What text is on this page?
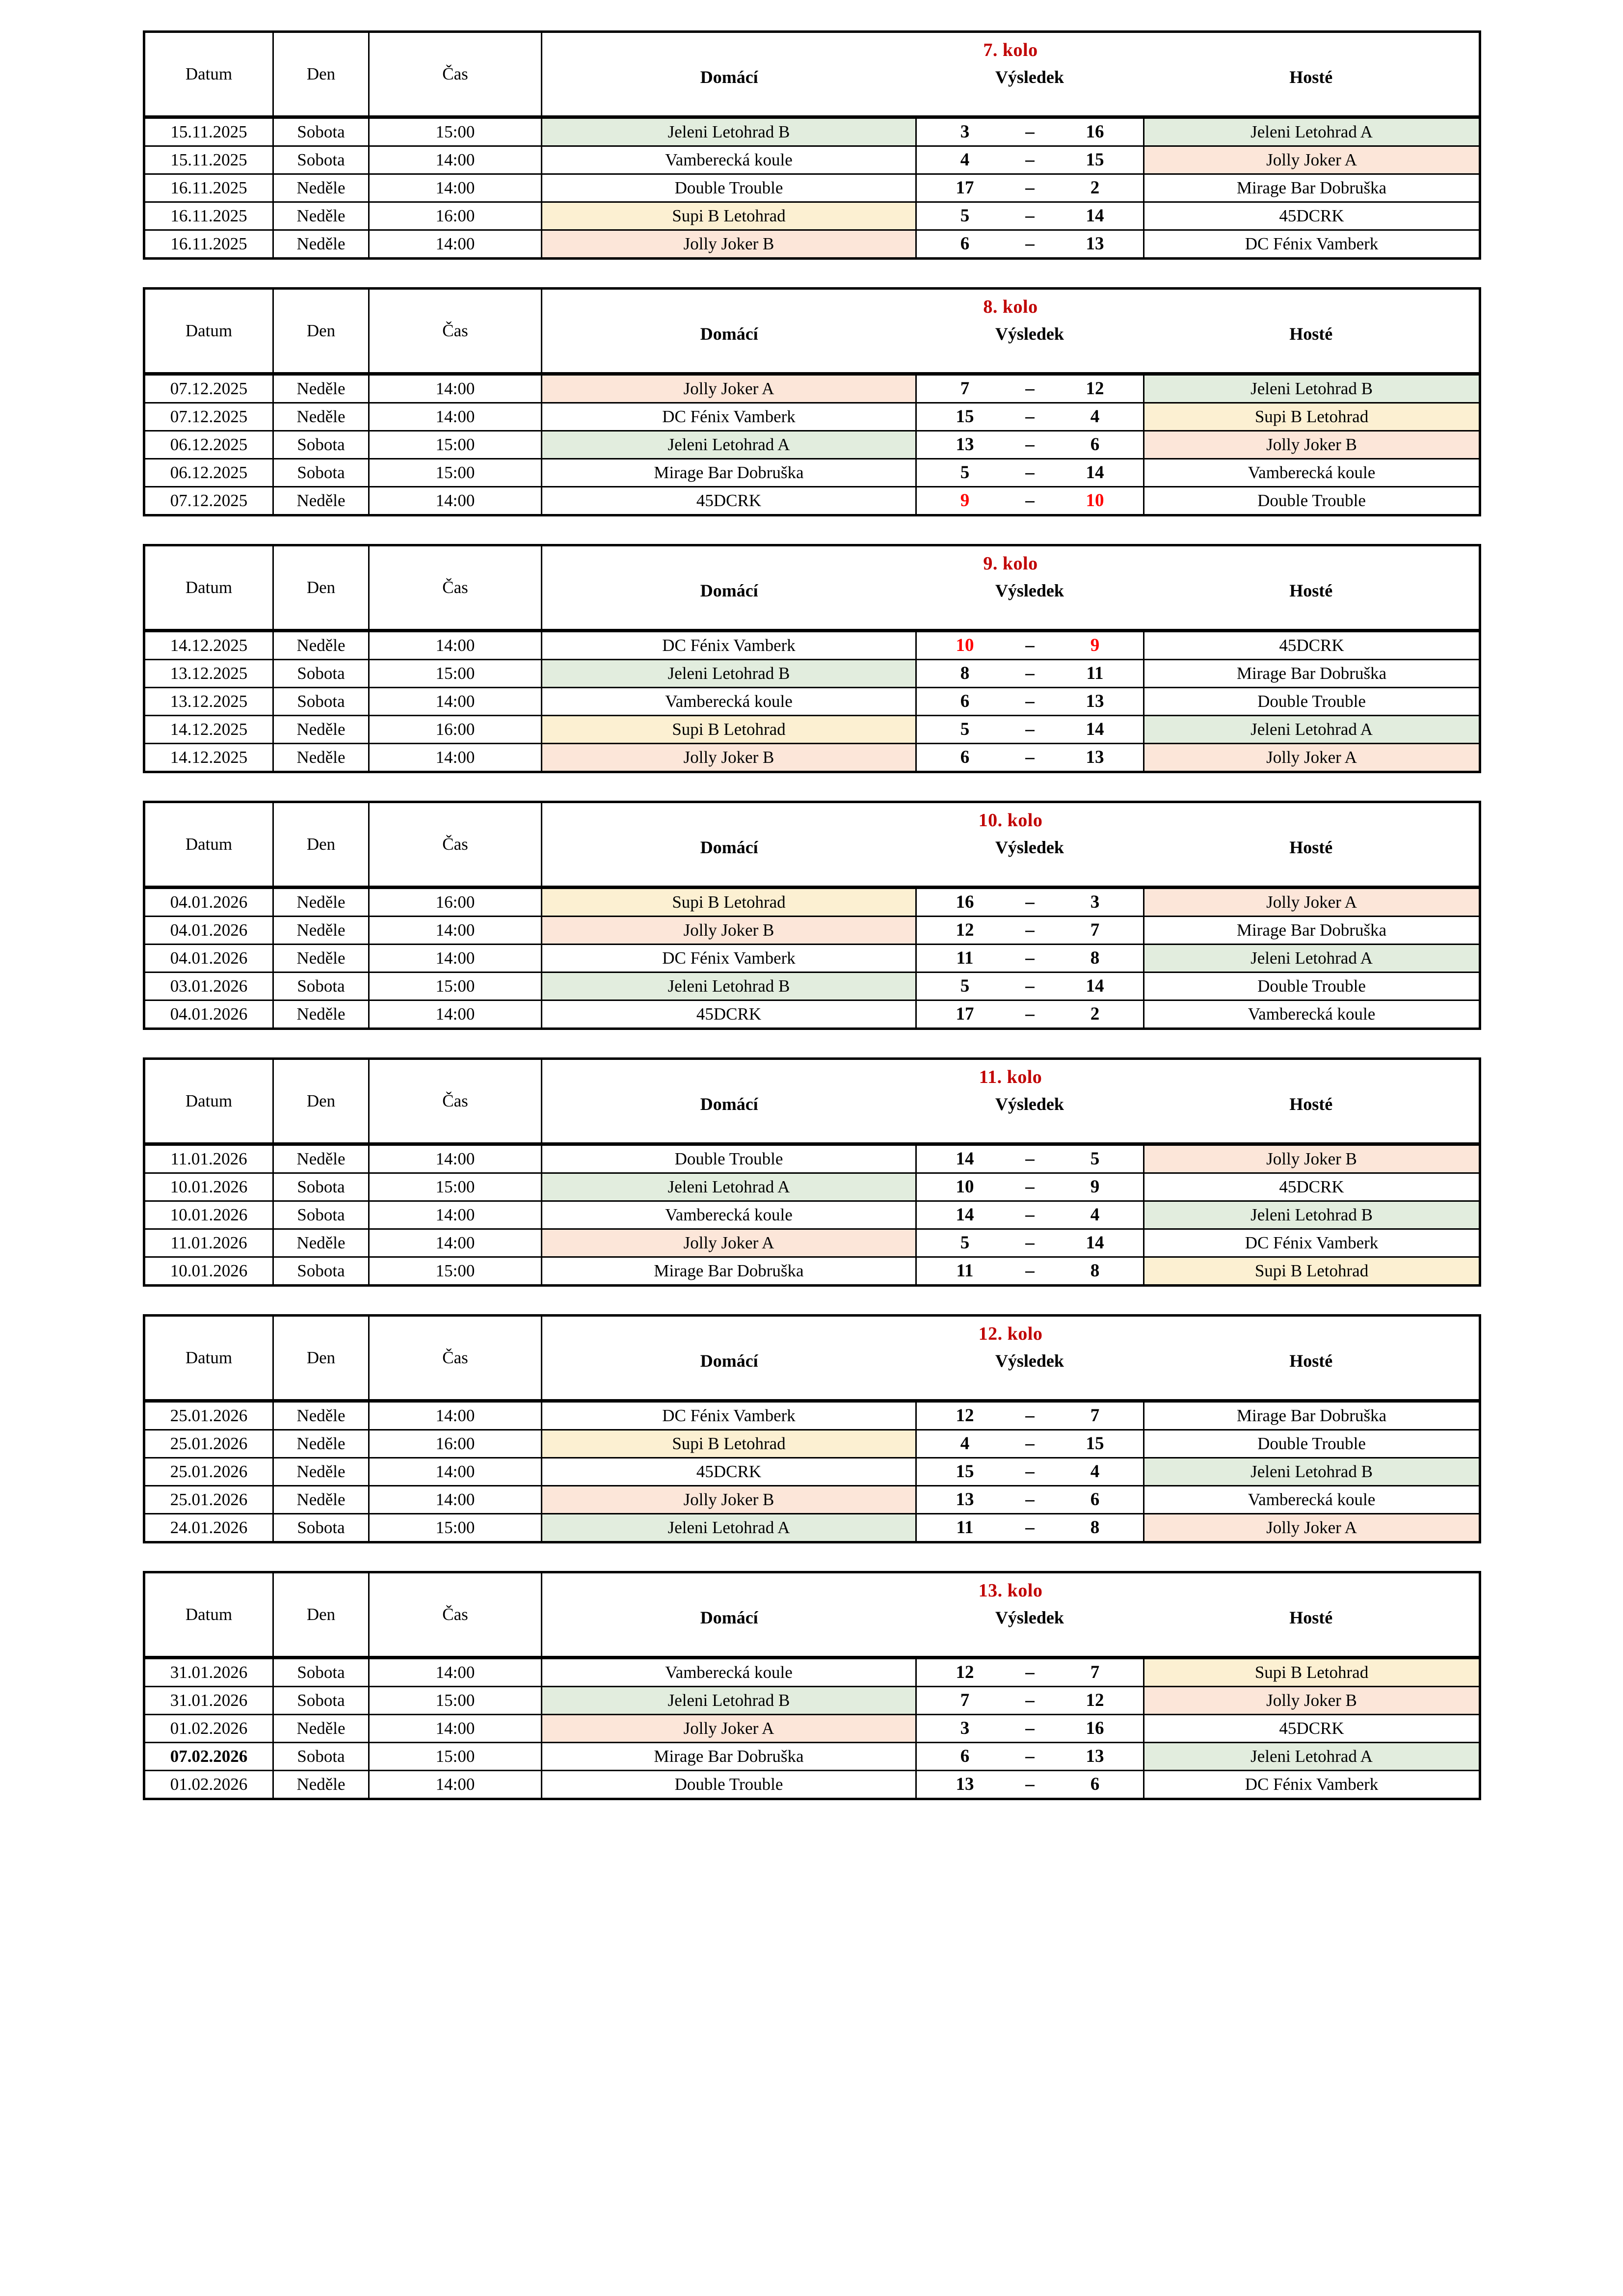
Datum	Den	Čas	7. kolo
Domácí Výsledek Hosté		

15.11.2025	Sobota	15:00	Jeleni Letohrad B	3 – 16	Jeleni Letohrad A
15.11.2025	Sobota	14:00	Vamberecká koule	4 – 15	Jolly Joker A
16.11.2025	Neděle	14:00	Double Trouble	17 – 2	Mirage Bar Dobruška
16.11.2025	Neděle	16:00	Supi B Letohrad	5 – 14	45DCRK
16.11.2025	Neděle	14:00	Jolly Joker B	6 – 13	DC Fénix Vamberk
Datum	Den	Čas	8. kolo
Domácí Výsledek Hosté		

07.12.2025	Neděle	14:00	Jolly Joker A	7 – 12	Jeleni Letohrad B
07.12.2025	Neděle	14:00	DC Fénix Vamberk	15 – 4	Supi B Letohrad
06.12.2025	Sobota	15:00	Jeleni Letohrad A	13 – 6	Jolly Joker B
06.12.2025	Sobota	15:00	Mirage Bar Dobruška	5 – 14	Vamberecká koule
07.12.2025	Neděle	14:00	45DCRK	9 – 10	Double Trouble
Datum	Den	Čas	9. kolo
Domácí Výsledek Hosté		

14.12.2025	Neděle	14:00	DC Fénix Vamberk	10 – 9	45DCRK
13.12.2025	Sobota	15:00	Jeleni Letohrad B	8 – 11	Mirage Bar Dobruška
13.12.2025	Sobota	14:00	Vamberecká koule	6 – 13	Double Trouble
14.12.2025	Neděle	16:00	Supi B Letohrad	5 – 14	Jeleni Letohrad A
14.12.2025	Neděle	14:00	Jolly Joker B	6 – 13	Jolly Joker A
Datum	Den	Čas	10. kolo
Domácí Výsledek Hosté		

04.01.2026	Neděle	16:00	Supi B Letohrad	16 – 3	Jolly Joker A
04.01.2026	Neděle	14:00	Jolly Joker B	12 – 7	Mirage Bar Dobruška
04.01.2026	Neděle	14:00	DC Fénix Vamberk	11 – 8	Jeleni Letohrad A
03.01.2026	Sobota	15:00	Jeleni Letohrad B	5 – 14	Double Trouble
04.01.2026	Neděle	14:00	45DCRK	17 – 2	Vamberecká koule
Datum	Den	Čas	11. kolo
Domácí Výsledek Hosté		

11.01.2026	Neděle	14:00	Double Trouble	14 – 5	Jolly Joker B
10.01.2026	Sobota	15:00	Jeleni Letohrad A	10 – 9	45DCRK
10.01.2026	Sobota	14:00	Vamberecká koule	14 – 4	Jeleni Letohrad B
11.01.2026	Neděle	14:00	Jolly Joker A	5 – 14	DC Fénix Vamberk
10.01.2026	Sobota	15:00	Mirage Bar Dobruška	11 – 8	Supi B Letohrad
Datum	Den	Čas	12. kolo
Domácí Výsledek Hosté		

25.01.2026	Neděle	14:00	DC Fénix Vamberk	12 – 7	Mirage Bar Dobruška
25.01.2026	Neděle	16:00	Supi B Letohrad	4 – 15	Double Trouble
25.01.2026	Neděle	14:00	45DCRK	15 – 4	Jeleni Letohrad B
25.01.2026	Neděle	14:00	Jolly Joker B	13 – 6	Vamberecká koule
24.01.2026	Sobota	15:00	Jeleni Letohrad A	11 – 8	Jolly Joker A
Datum	Den	Čas	13. kolo
Domácí Výsledek Hosté		

31.01.2026	Sobota	14:00	Vamberecká koule	12 – 7	Supi B Letohrad
31.01.2026	Sobota	15:00	Jeleni Letohrad B	7 – 12	Jolly Joker B
01.02.2026	Neděle	14:00	Jolly Joker A	3 – 16	45DCRK
07.02.2026	Sobota	15:00	Mirage Bar Dobruška	6 – 13	Jeleni Letohrad A
01.02.2026	Neděle	14:00	Double Trouble	13 – 6	DC Fénix Vamberk
